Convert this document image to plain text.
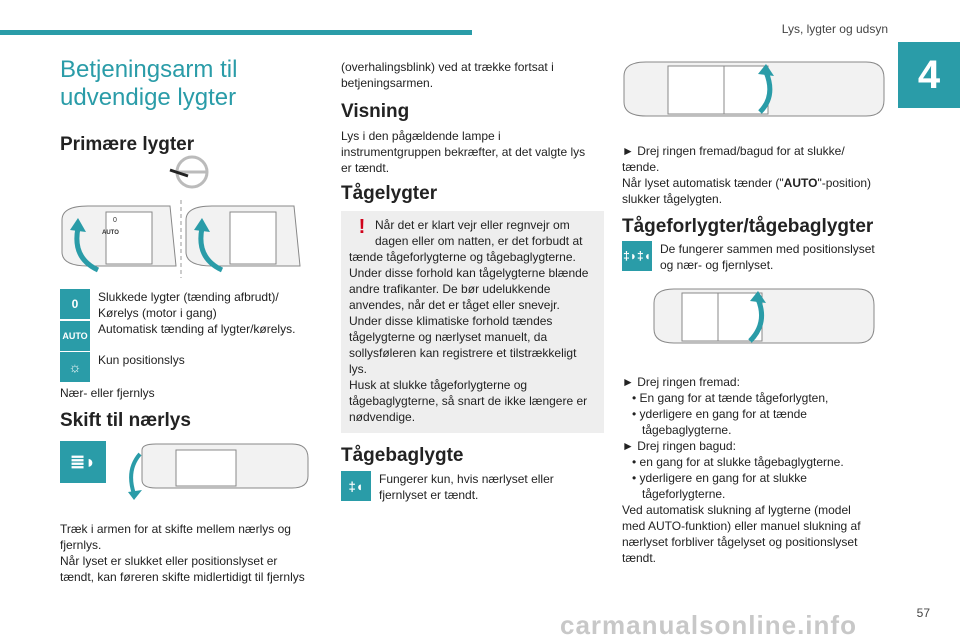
Lys, lygter og udsyn
4
57
Betjeningsarm til
udvendige lygter
Primære lygter
0
AUTO
0	Slukkede lygter (tænding afbrudt)/
Kørelys (motor i gang)
AUTO Automatisk tænding af lygter/kørelys.
☼	Kun positionslys

Nær- eller fjernlys

Skift til nærlys
≣◗

Træk i armen for at skifte mellem nærlys og

fjernlys.

Når lyset er slukket eller positionslyset er

tændt, kan føreren skifte midlertidigt til fjernlys

(overhalingsblink) ved at trække fortsat i

betjeningsarmen.

Visning

Lys i den pågældende lampe i

instrumentgruppen bekræfter, at det valgte lys

er tændt.

Tågelygter
! Når det er klart vejr eller regnvejr om
dagen eller om natten, er det forbudt at
tænde tågeforlygterne og tågebaglygterne.
Under disse forhold kan tågelygterne blænde
andre trafikanter. De bør udelukkende
anvendes, når det er tåget eller snevejr.
Under disse klimatiske forhold tændes
tågelygterne og nærlyset manuelt, da
sollysføleren kan registrere et tilstrækkeligt
lys.
Husk at slukke tågeforlygterne og
tågebaglygterne, så snart de ikke længere er
nødvendige.
Tågebaglygte
‡◖	Fungerer kun, hvis nærlyset eller
fjernlyset er tændt.

► Drej ringen fremad/bagud for at slukke/

tænde.

Når lyset automatisk tænder ("AUTO"-position)

slukker tågelygten.

Tågeforlygter/tågebaglygter
‡◗‡◖ De fungerer sammen med positionslyset
og nær- og fjernlyset.

► Drej ringen fremad:

• En gang for at tænde tågeforlygten,

• yderligere en gang for at tænde

tågebaglygterne.

► Drej ringen bagud:

• en gang for at slukke tågebaglygterne.

• yderligere en gang for at slukke

tågeforlygterne.

Ved automatisk slukning af lygterne (model

med AUTO-funktion) eller manuel slukning af

nærlyset forbliver tågelyset og positionslyset

tændt.

carmanualsonline.info
